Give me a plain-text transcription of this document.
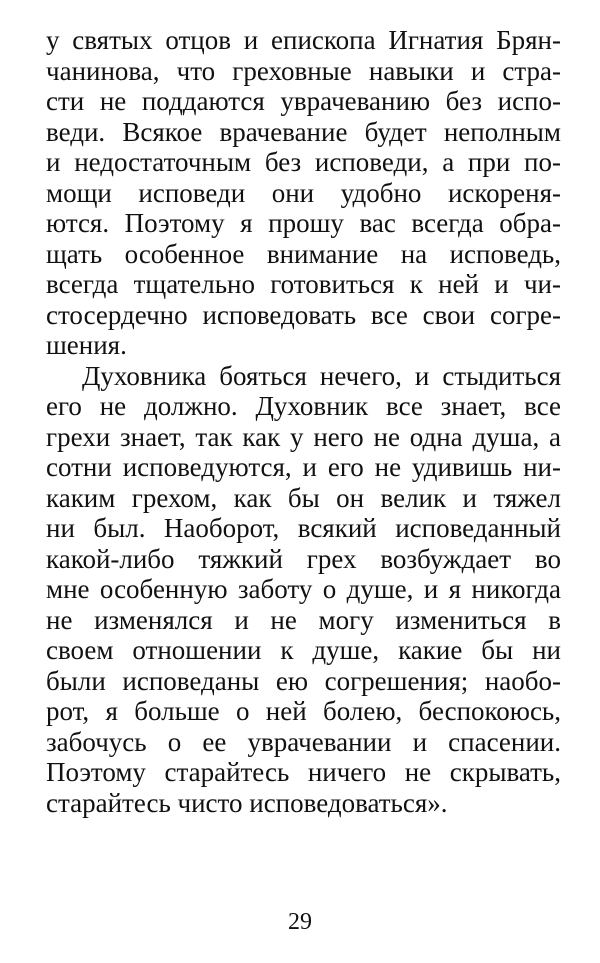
у святых отцов и епископа Игнатия Брян-
чанинова, что греховные навыки и стра-
сти не поддаются уврачеванию без испо-
веди. Всякое врачевание будет неполным
и недостаточным без исповеди, а при по-
мощи исповеди они удобно искореня-
ются. Поэтому я прошу вас всегда обра-
щать особенное внимание на исповедь,
всегда тщательно готовиться к ней и чи-
стосердечно исповедовать все свои согре-
шения.
Духовника бояться нечего, и стыдиться
его не должно. Духовник все знает, все
грехи знает, так как у него не одна душа, а
сотни исповедуются, и его не удивишь ни-
каким грехом, как бы он велик и тяжел
ни был. Наоборот, всякий исповеданный
какой-либо тяжкий грех возбуждает во
мне особенную заботу о душе, и я никогда
не изменялся и не могу измениться в
своем отношении к душе, какие бы ни
были исповеданы ею согрешения; наобо-
рот, я больше о ней болею, беспокоюсь,
забочусь о ее уврачевании и спасении.
Поэтому старайтесь ничего не скрывать,
старайтесь чисто исповедоваться».
29
